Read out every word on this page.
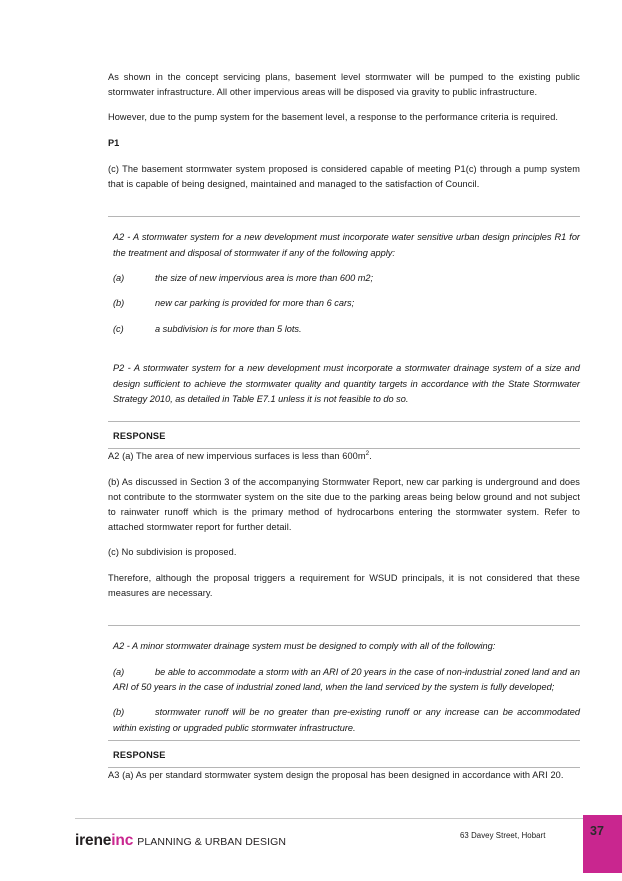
As shown in the concept servicing plans, basement level stormwater will be pumped to the existing public stormwater infrastructure. All other impervious areas will be disposed via gravity to public infrastructure.

However, due to the pump system for the basement level, a response to the performance criteria is required.

P1

(c) The basement stormwater system proposed is considered capable of meeting P1(c) through a pump system that is capable of being designed, maintained and managed to the satisfaction of Council.

A2 - A stormwater system for a new development must incorporate water sensitive urban design principles R1 for the treatment and disposal of stormwater if any of the following apply:

(a)	the size of new impervious area is more than 600 m2;

(b)	new car parking is provided for more than 6 cars;

(c)	a subdivision is for more than 5 lots.

P2 - A stormwater system for a new development must incorporate a stormwater drainage system of a size and design sufficient to achieve the stormwater quality and quantity targets in accordance with the State Stormwater Strategy 2010, as detailed in Table E7.1 unless it is not feasible to do so.

RESPONSE

A2 (a) The area of new impervious surfaces is less than $600m^2$.

(b) As discussed in Section 3 of the accompanying Stormwater Report, new car parking is underground and does not contribute to the stormwater system on the site due to the parking areas being below ground and not subject to rainwater runoff which is the primary method of hydrocarbons entering the stormwater system. Refer to attached stormwater report for further detail.

(c) No subdivision is proposed.

Therefore, although the proposal triggers a requirement for WSUD principals, it is not considered that these measures are necessary.

A2 - A minor stormwater drainage system must be designed to comply with all of the following:

(a)	be able to accommodate a storm with an ARI of 20 years in the case of non-industrial zoned land and an ARI of 50 years in the case of industrial zoned land, when the land serviced by the system is fully developed;

(b)	stormwater runoff will be no greater than pre-existing runoff or any increase can be accommodated within existing or upgraded public stormwater infrastructure.

RESPONSE

A3 (a) As per standard stormwater system design the proposal has been designed in accordance with ARI 20.

ireneinc PLANNING & URBAN DESIGN	63 Davey Street, Hobart	37
